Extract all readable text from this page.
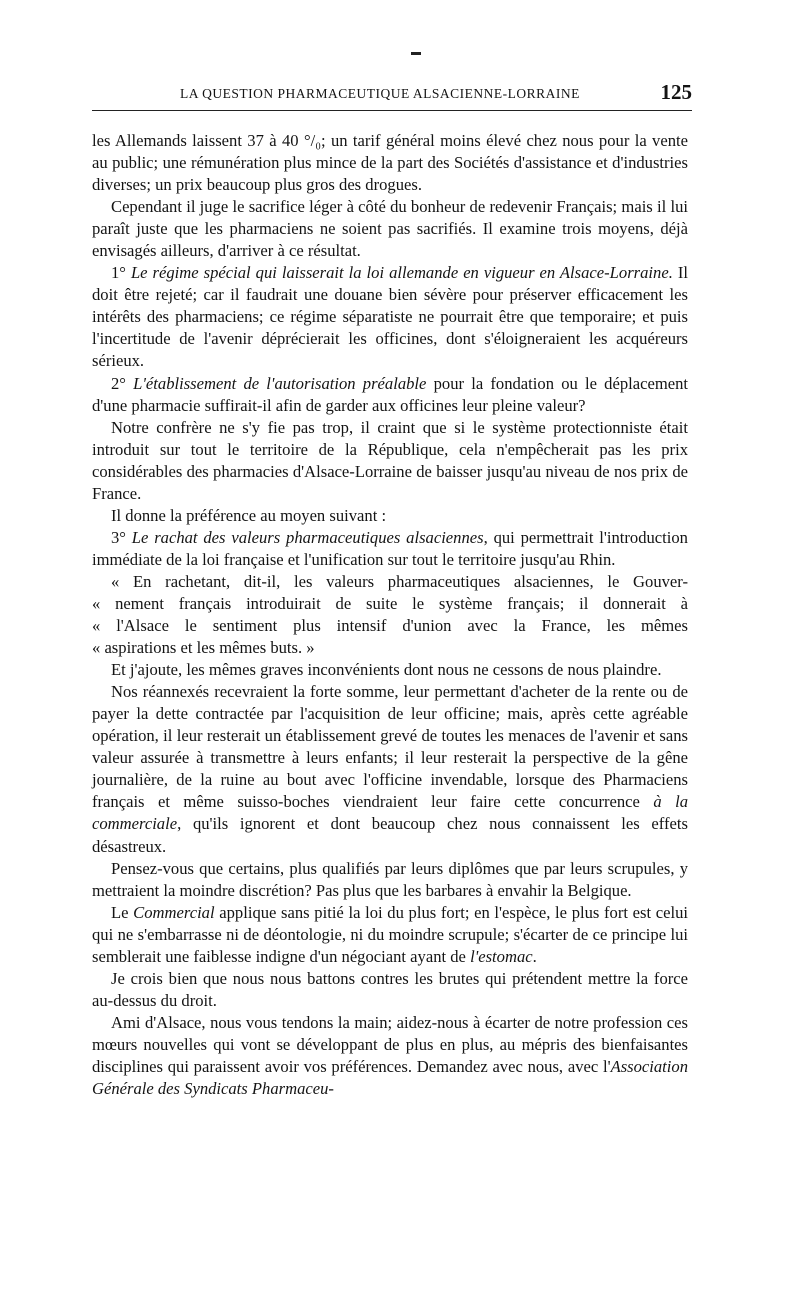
LA QUESTION PHARMACEUTIQUE ALSACIENNE-LORRAINE	125

les Allemands laissent 37 à 40 °/₀; un tarif général moins élevé chez nous pour la vente au public; une rémunération plus mince de la part des Sociétés d'assistance et d'industries diverses; un prix beaucoup plus gros des drogues.

Cependant il juge le sacrifice léger à côté du bonheur de redevenir Français; mais il lui paraît juste que les pharmaciens ne soient pas sacrifiés. Il examine trois moyens, déjà envisagés ailleurs, d'arriver à ce résultat.

1° Le régime spécial qui laisserait la loi allemande en vigueur en Alsace-Lorraine. Il doit être rejeté; car il faudrait une douane bien sévère pour préserver efficacement les intérêts des pharmaciens; ce régime séparatiste ne pourrait être que temporaire; et puis l'incertitude de l'avenir déprécierait les officines, dont s'éloigneraient les acquéreurs sérieux.

2° L'établissement de l'autorisation préalable pour la fondation ou le déplacement d'une pharmacie suffirait-il afin de garder aux officines leur pleine valeur?

Notre confrère ne s'y fie pas trop, il craint que si le système protectionniste était introduit sur tout le territoire de la République, cela n'empêcherait pas les prix considérables des pharmacies d'Alsace-Lorraine de baisser jusqu'au niveau de nos prix de France.

Il donne la préférence au moyen suivant :

3° Le rachat des valeurs pharmaceutiques alsaciennes, qui permettrait l'introduction immédiate de la loi française et l'unification sur tout le territoire jusqu'au Rhin.

« En rachetant, dit-il, les valeurs pharmaceutiques alsaciennes, le Gouver-

« nement français introduirait de suite le système français; il donnerait à

« l'Alsace le sentiment plus intensif d'union avec la France, les mêmes

« aspirations et les mêmes buts. »

Et j'ajoute, les mêmes graves inconvénients dont nous ne cessons de nous plaindre.

Nos réannexés recevraient la forte somme, leur permettant d'acheter de la rente ou de payer la dette contractée par l'acquisition de leur officine; mais, après cette agréable opération, il leur resterait un établissement grevé de toutes les menaces de l'avenir et sans valeur assurée à transmettre à leurs enfants; il leur resterait la perspective de la gêne journalière, de la ruine au bout avec l'officine invendable, lorsque des Pharmaciens français et même suisso-boches viendraient leur faire cette concurrence à la commerciale, qu'ils ignorent et dont beaucoup chez nous connaissent les effets désastreux.

Pensez-vous que certains, plus qualifiés par leurs diplômes que par leurs scrupules, y mettraient la moindre discrétion? Pas plus que les barbares à envahir la Belgique.

Le Commercial applique sans pitié la loi du plus fort; en l'espèce, le plus fort est celui qui ne s'embarrasse ni de déontologie, ni du moindre scrupule; s'écarter de ce principe lui semblerait une faiblesse indigne d'un négociant ayant de l'estomac.

Je crois bien que nous nous battons contres les brutes qui prétendent mettre la force au-dessus du droit.

Ami d'Alsace, nous vous tendons la main; aidez-nous à écarter de notre profession ces mœurs nouvelles qui vont se développant de plus en plus, au mépris des bienfaisantes disciplines qui paraissent avoir vos préférences. Demandez avec nous, avec l'Association Générale des Syndicats Pharmaceu-
